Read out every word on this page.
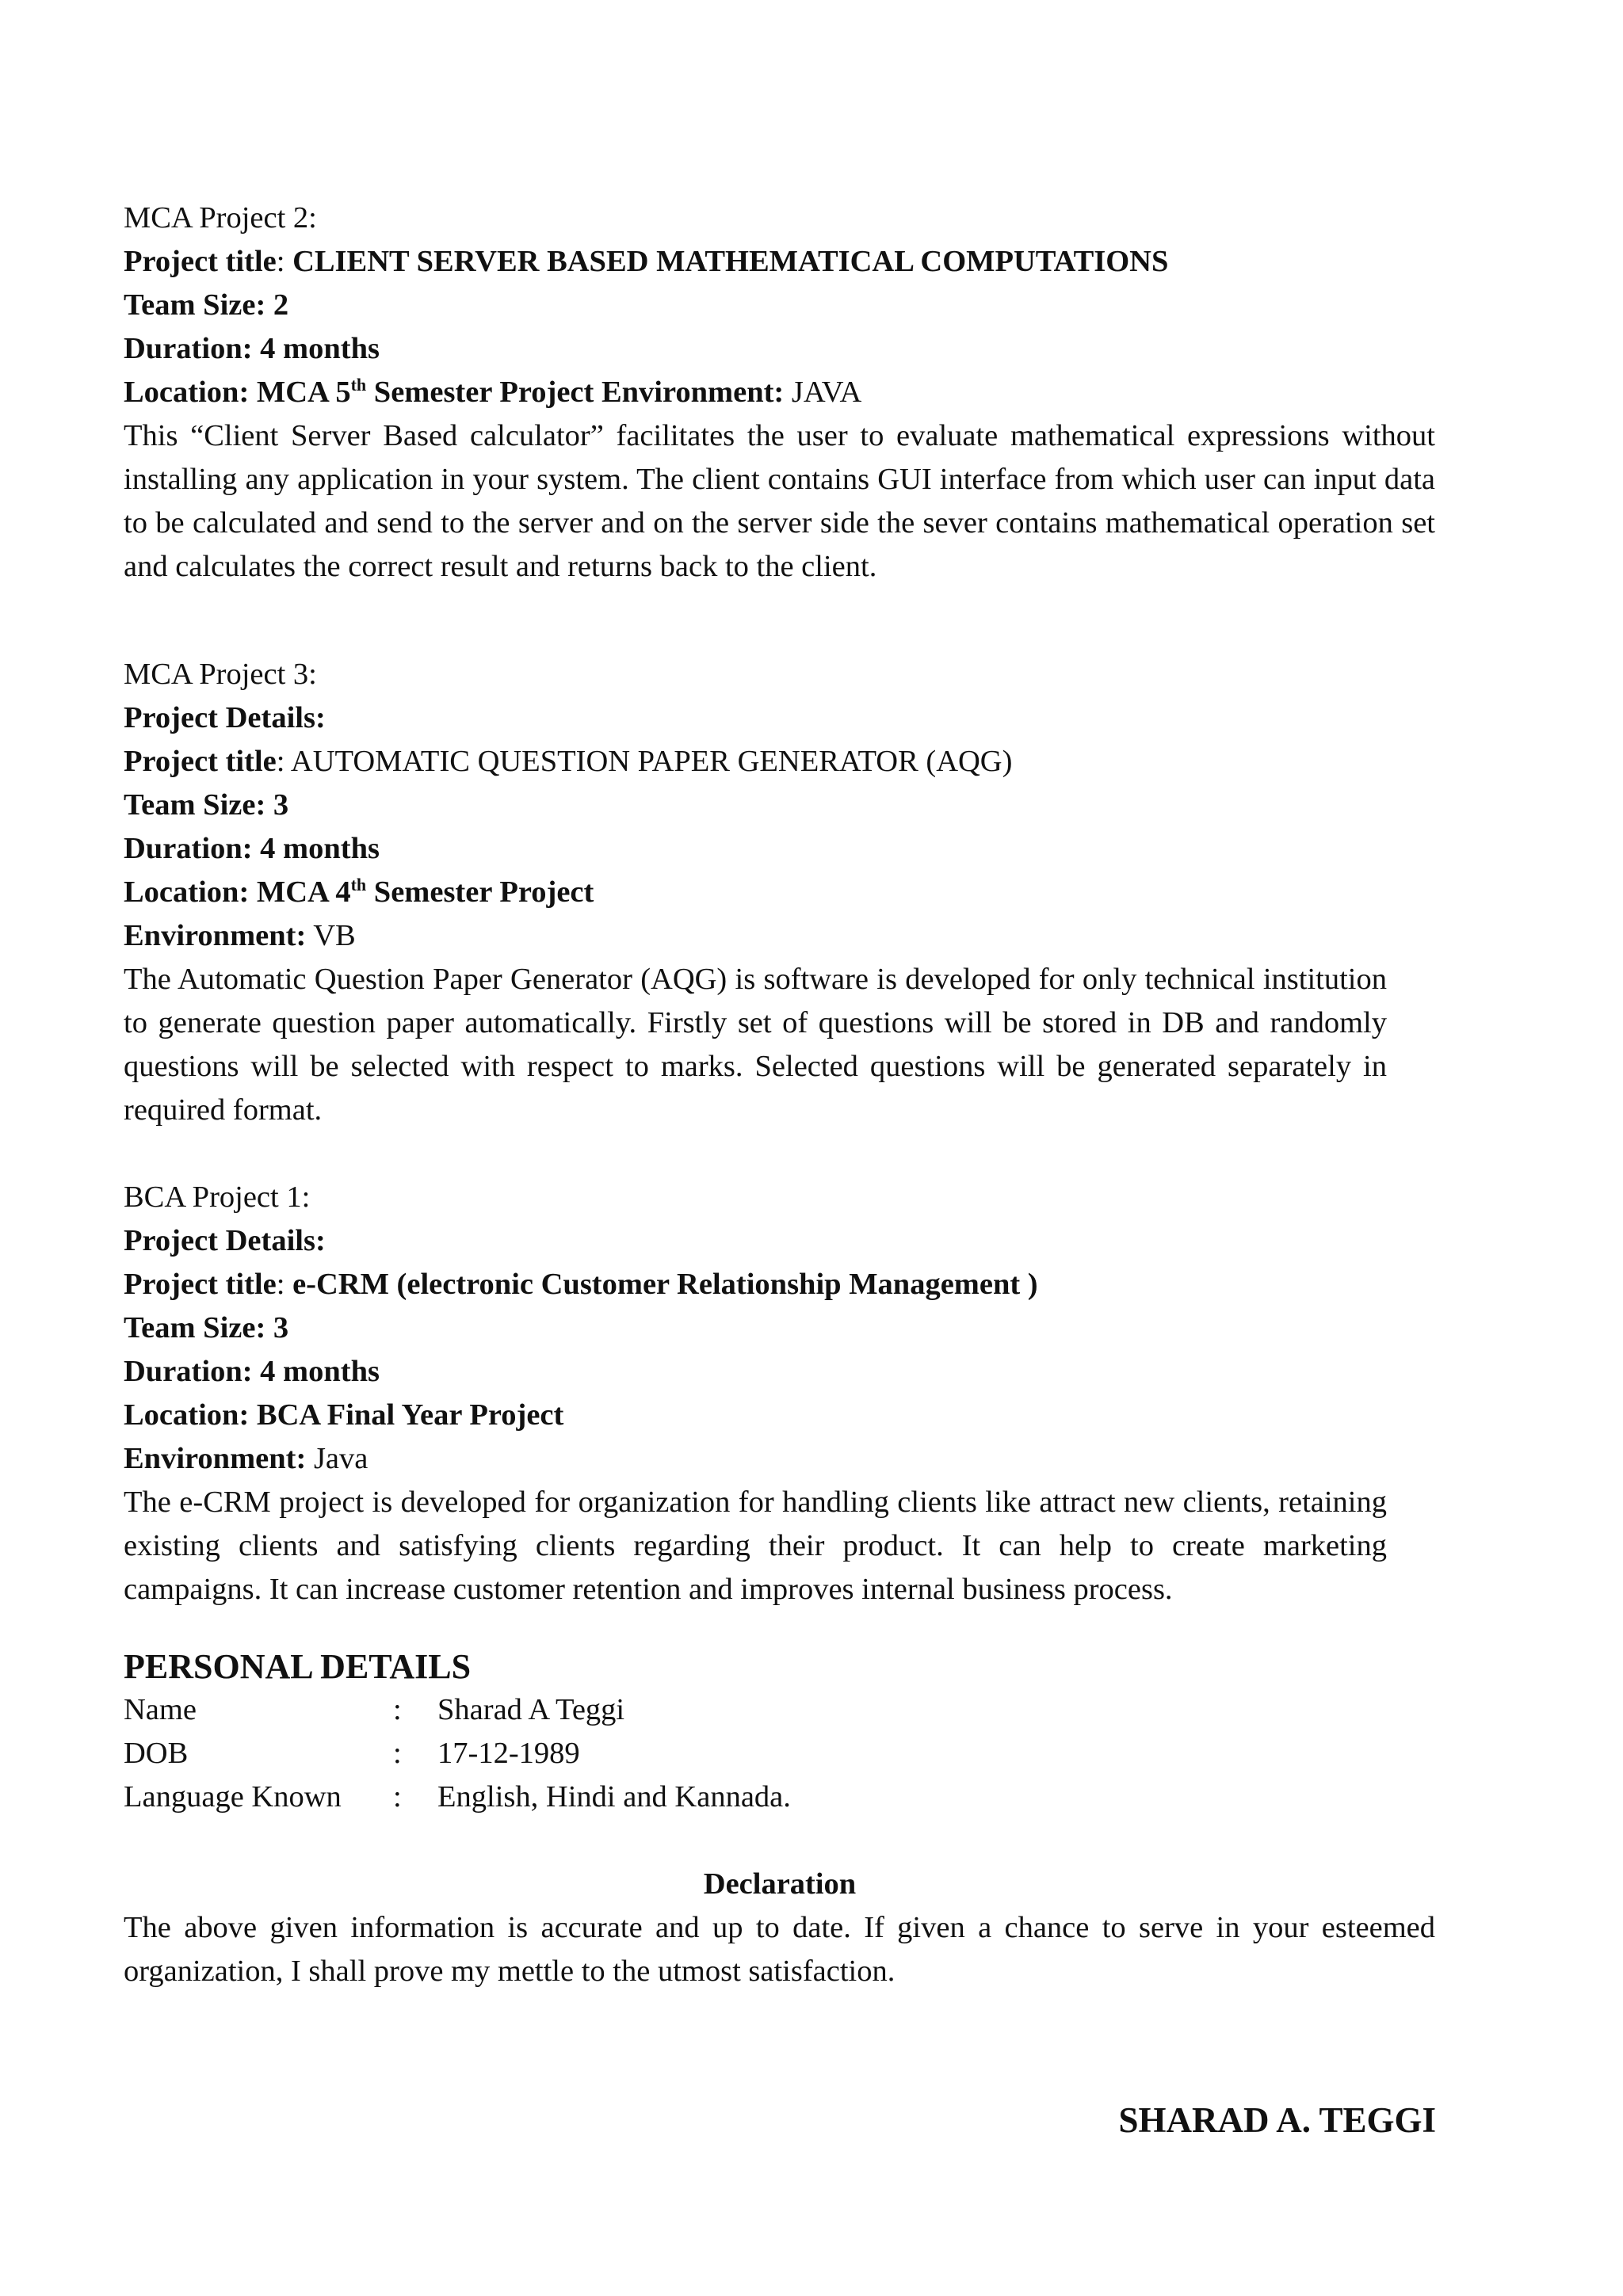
MCA Project 2:
Project title: CLIENT SERVER BASED MATHEMATICAL COMPUTATIONS
Team Size: 2
Duration: 4 months
Location: MCA 5th Semester Project Environment: JAVA
This “Client Server Based calculator” facilitates the user to evaluate mathematical expressions without installing any application in your system. The client contains GUI interface from which user can input data to be calculated and send to the server and on the server side the sever contains mathematical operation set and calculates the correct result and returns back to the client.
MCA Project 3:
Project Details:
Project title: AUTOMATIC QUESTION PAPER GENERATOR (AQG)
Team Size: 3
Duration: 4 months
Location: MCA 4th Semester Project
Environment: VB
The Automatic Question Paper Generator (AQG) is software is developed for only technical institution to generate question paper automatically. Firstly set of questions will be stored in DB and randomly questions will be selected with respect to marks. Selected questions will be generated separately in required format.
BCA Project 1:
Project Details:
Project title: e-CRM (electronic Customer Relationship Management )
Team Size: 3
Duration: 4 months
Location: BCA Final Year Project
Environment: Java
The e-CRM project is developed for organization for handling clients like attract new clients, retaining existing clients and satisfying clients regarding their product. It can help to create marketing campaigns. It can increase customer retention and improves internal business process.
PERSONAL DETAILS
Name	:	Sharad A Teggi
DOB	:	17-12-1989
Language Known	:	English, Hindi and Kannada.
Declaration
The above given information is accurate and up to date. If given a chance to serve in your esteemed organization, I shall prove my mettle to the utmost satisfaction.
SHARAD A. TEGGI
